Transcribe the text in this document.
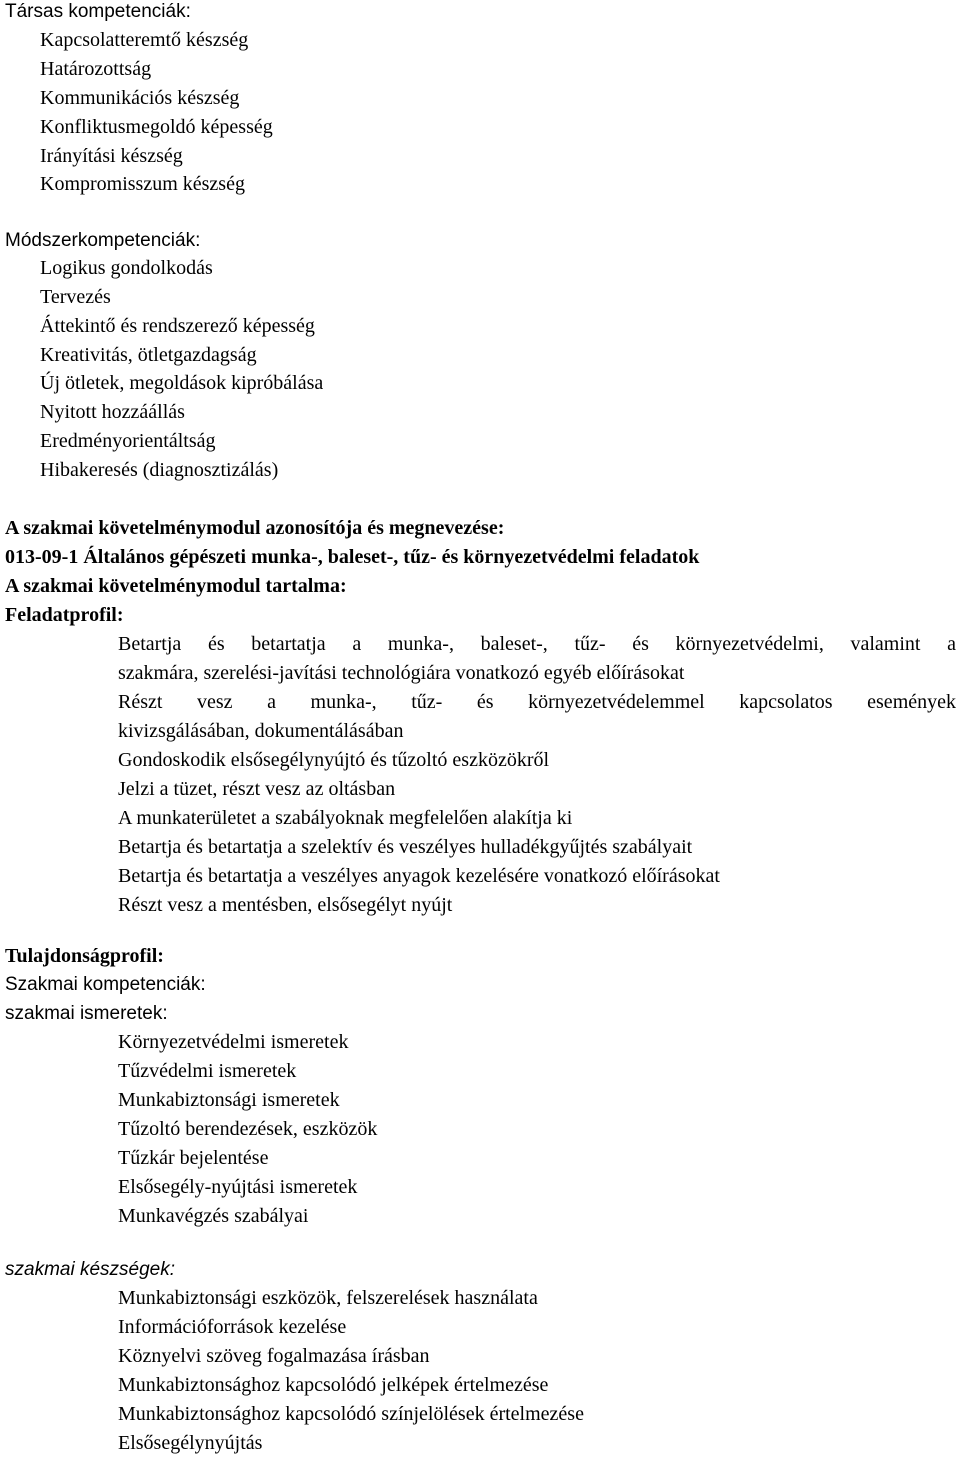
Társas kompetenciák:
Kapcsolatteremtő készség
Határozottság
Kommunikációs készség
Konfliktusmegoldó képesség
Irányítási készség
Kompromisszum készség
Módszerkompetenciák:
Logikus gondolkodás
Tervezés
Áttekintő és rendszerező képesség
Kreativitás, ötletgazdagság
Új ötletek, megoldások kipróbálása
Nyitott hozzáállás
Eredményorientáltság
Hibakeresés (diagnosztizálás)
A szakmai követelménymodul azonosítója és megnevezése:
013-09-1 Általános gépészeti munka-, baleset-, tűz- és környezetvédelmi feladatok
A szakmai követelménymodul tartalma:
Feladatprofil:
Betartja és betartatja a munka-, baleset-, tűz- és környezetvédelmi, valamint a
szakmára, szerelési-javítási technológiára vonatkozó egyéb előírásokat
Részt vesz a munka-, tűz- és környezetvédelemmel kapcsolatos események
kivizsgálásában, dokumentálásában
Gondoskodik elsősegélynyújtó és tűzoltó eszközökről
Jelzi a tüzet, részt vesz az oltásban
A munkaterületet a szabályoknak megfelelően alakítja ki
Betartja és betartatja a szelektív és veszélyes hulladékgyűjtés szabályait
Betartja és betartatja a veszélyes anyagok kezelésére vonatkozó előírásokat
Részt vesz a mentésben, elsősegélyt nyújt
Tulajdonságprofil:
Szakmai kompetenciák:
szakmai ismeretek:
Környezetvédelmi ismeretek
Tűzvédelmi ismeretek
Munkabiztonsági ismeretek
Tűzoltó berendezések, eszközök
Tűzkár bejelentése
Elsősegély-nyújtási ismeretek
Munkavégzés szabályai
szakmai készségek:
Munkabiztonsági eszközök, felszerelések használata
Információforrások kezelése
Köznyelvi szöveg fogalmazása írásban
Munkabiztonsághoz kapcsolódó jelképek értelmezése
Munkabiztonsághoz kapcsolódó színjelölések értelmezése
Elsősegélynyújtás
